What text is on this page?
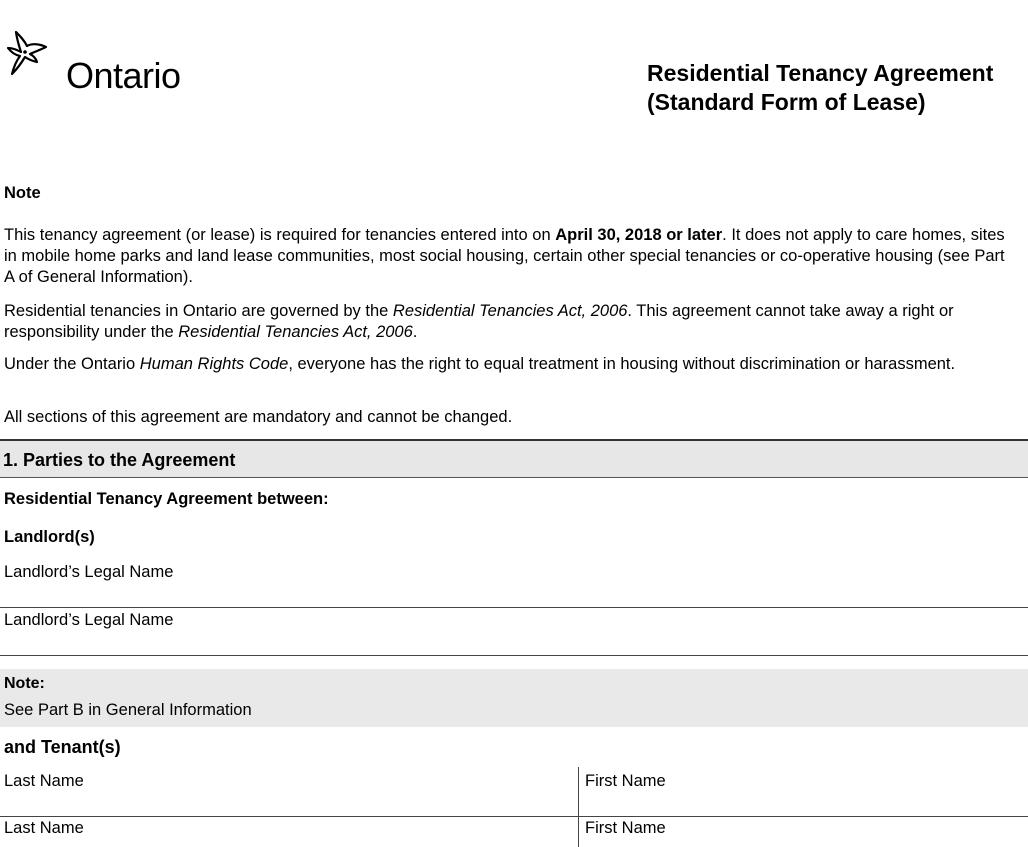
Ontario	Residential Tenancy Agreement
(Standard Form of Lease)

Note

This tenancy agreement (or lease) is required for tenancies entered into on April 30, 2018 or later. It does not apply to care homes, sites in mobile home parks and land lease communities, most social housing, certain other special tenancies or co-operative housing (see Part A of General Information).

Residential tenancies in Ontario are governed by the Residential Tenancies Act, 2006. This agreement cannot take away a right or responsibility under the Residential Tenancies Act, 2006.

Under the Ontario Human Rights Code, everyone has the right to equal treatment in housing without discrimination or harassment.

All sections of this agreement are mandatory and cannot be changed.

1. Parties to the Agreement
Residential Tenancy Agreement between:
Landlord(s)
Landlord’s Legal Name
Landlord’s Legal Name
Note:
See Part B in General Information
and Tenant(s)
Last Name	First Name
Last Name	First Name
